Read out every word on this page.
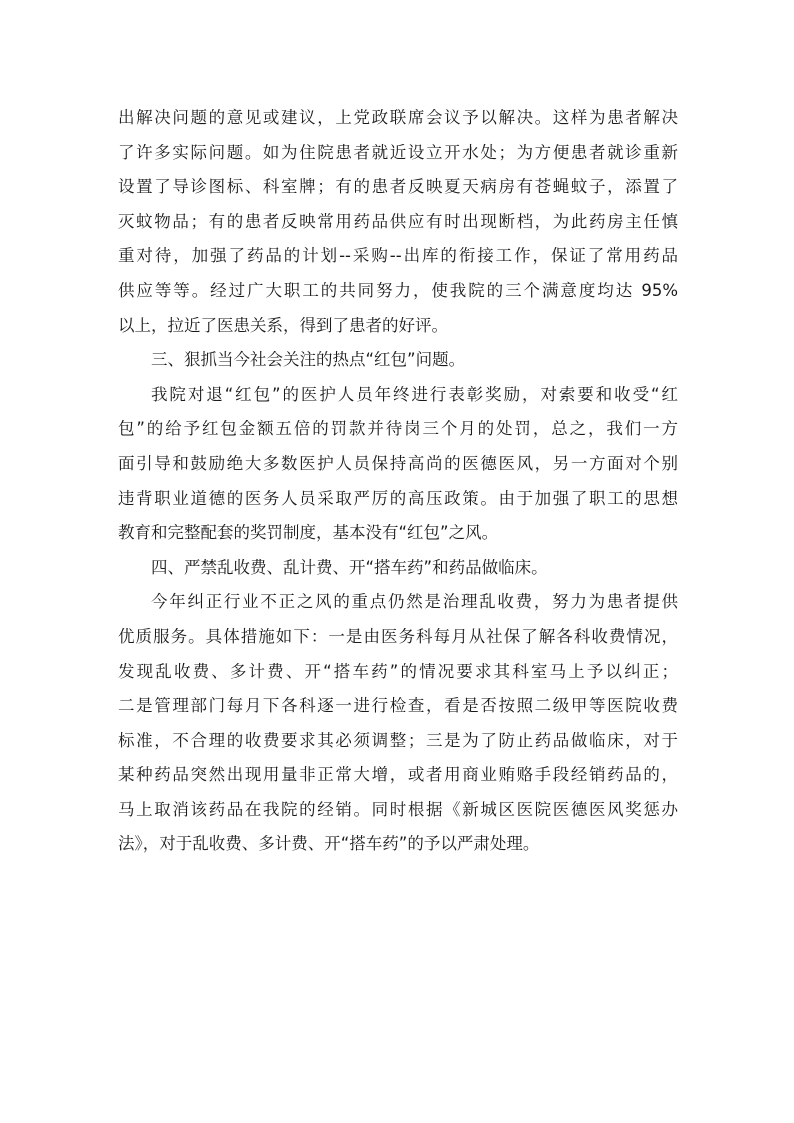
出解决问题的意见或建议，上党政联席会议予以解决。这样为患者解决
了许多实际问题。如为住院患者就近设立开水处；为方便患者就诊重新
设置了导诊图标、科室牌；有的患者反映夏天病房有苍蝇蚊子，添置了
灭蚊物品；有的患者反映常用药品供应有时出现断档，为此药房主任慎
重对待，加强了药品的计划--采购--出库的衔接工作，保证了常用药品
供应等等。经过广大职工的共同努力，使我院的三个满意度均达 95%
以上，拉近了医患关系，得到了患者的好评。
三、狠抓当今社会关注的热点“红包”问题。
我院对退“红包”的医护人员年终进行表彰奖励，对索要和收受“红
包”的给予红包金额五倍的罚款并待岗三个月的处罚，总之，我们一方
面引导和鼓励绝大多数医护人员保持高尚的医德医风，另一方面对个别
违背职业道德的医务人员采取严厉的高压政策。由于加强了职工的思想
教育和完整配套的奖罚制度，基本没有“红包”之风。
四、严禁乱收费、乱计费、开“搭车药”和药品做临床。
今年纠正行业不正之风的重点仍然是治理乱收费，努力为患者提供
优质服务。具体措施如下：一是由医务科每月从社保了解各科收费情况，
发现乱收费、多计费、开“搭车药”的情况要求其科室马上予以纠正；
二是管理部门每月下各科逐一进行检查，看是否按照二级甲等医院收费
标准，不合理的收费要求其必须调整；三是为了防止药品做临床，对于
某种药品突然出现用量非正常大增，或者用商业贿赂手段经销药品的，
马上取消该药品在我院的经销。同时根据《新城区医院医德医风奖惩办
法》，对于乱收费、多计费、开“搭车药”的予以严肃处理。
